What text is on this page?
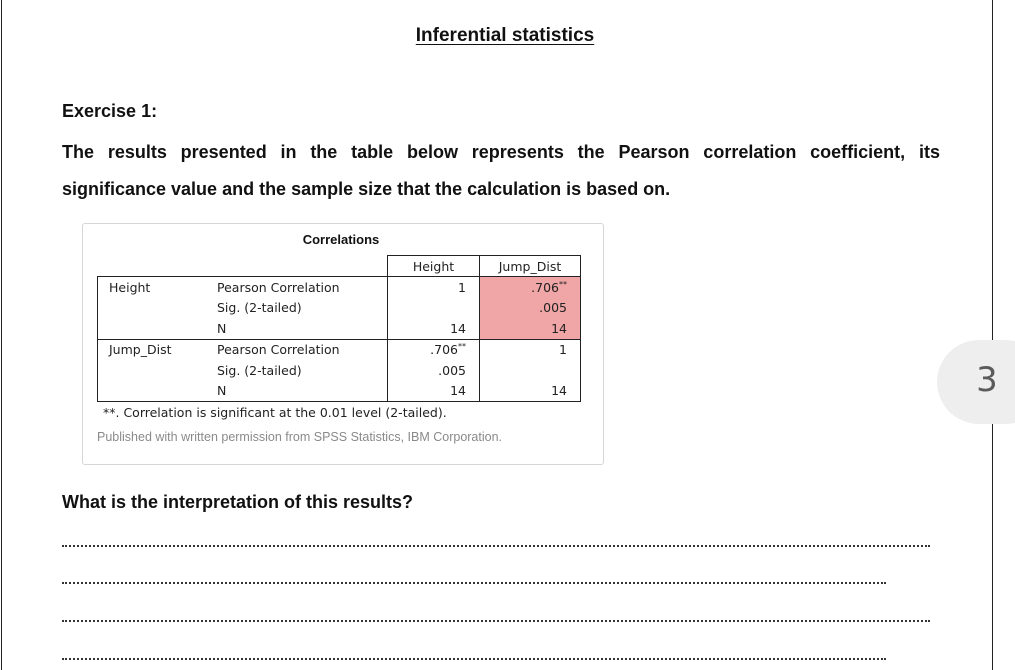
Inferential statistics
Exercise 1:
The results presented in the table below represents the Pearson correlation coefficient, its significance value and the sample size that the calculation is based on.
Correlations
		Height	Jump_Dist
Height	Pearson Correlation	1	.706**
	Sig. (2-tailed)		.005
	N	14	14
Jump_Dist	Pearson Correlation	.706**	1
	Sig. (2-tailed)	.005	
	N	14	14
**. Correlation is significant at the 0.01 level (2-tailed).
Published with written permission from SPSS Statistics, IBM Corporation.
What is the interpretation of this results?
3
